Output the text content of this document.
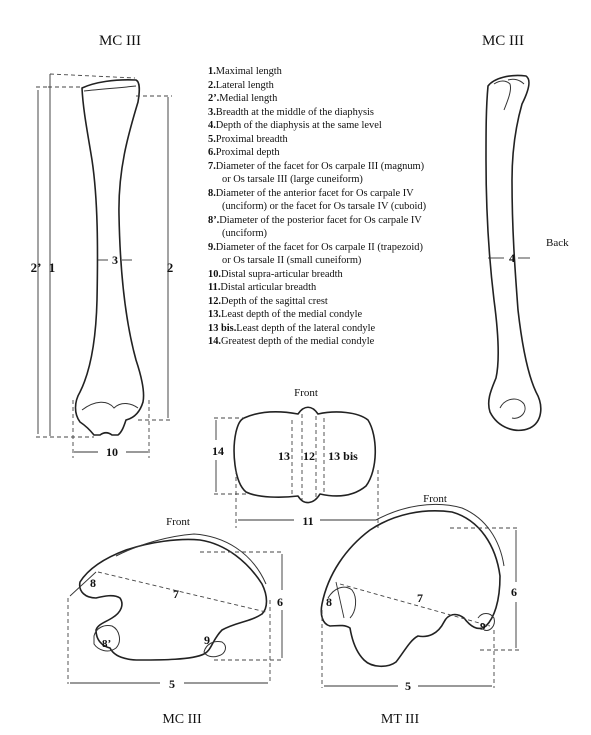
MC III	MC III
MC III	MT III
2’ 1	2
3
10
4
Back
Front
14	13 12 13 bis
11
Front
8
7
6
8’	9
5
Front
8	7	6
9
5
1.Maximal length
2.Lateral length
2’.Medial length
3.Breadth at the middle of the diaphysis
4.Depth of the diaphysis at the same level
5.Proximal breadth
6.Proximal depth
7.Diameter of the facet for Os carpale III (magnum)
or Os tarsale III (large cuneiform)
8.Diameter of the anterior facet for Os carpale IV
(unciform) or the facet for Os tarsale IV (cuboid)
8’.Diameter of the posterior facet for Os carpale IV
(unciform)
9.Diameter of the facet for Os carpale II (trapezoid)
or Os tarsale II (small cuneiform)
10.Distal supra-articular breadth
11.Distal articular breadth
12.Depth of the sagittal crest
13.Least depth of the medial condyle
13 bis.Least depth of the lateral condyle
14.Greatest depth of the medial condyle
